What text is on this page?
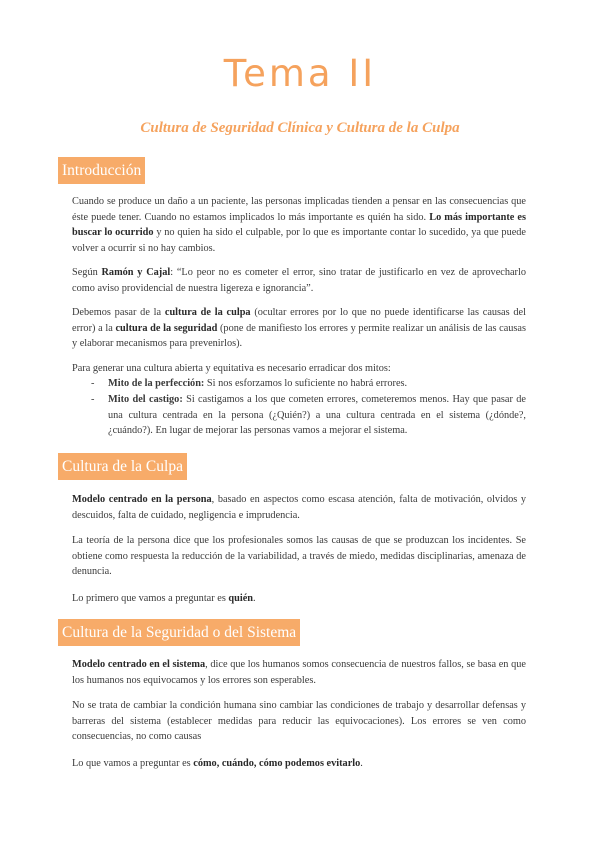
Tema II
Cultura de Seguridad Clínica y Cultura de la Culpa
Introducción

Cuando se produce un daño a un paciente, las personas implicadas tienden a pensar en las consecuencias que éste puede tener. Cuando no estamos implicados lo más importante es quién ha sido. Lo más importante es buscar lo ocurrido y no quien ha sido el culpable, por lo que es importante contar lo sucedido, ya que puede volver a ocurrir si no hay cambios.

Según Ramón y Cajal: “Lo peor no es cometer el error, sino tratar de justificarlo en vez de aprovecharlo como aviso providencial de nuestra ligereza e ignorancia”.

Debemos pasar de la cultura de la culpa (ocultar errores por lo que no puede identificarse las causas del error) a la cultura de la seguridad (pone de manifiesto los errores y permite realizar un análisis de las causas y elaborar mecanismos para prevenirlos).

Para generar una cultura abierta y equitativa es necesario erradicar dos mitos:

- Mito de la perfección: Si nos esforzamos lo suficiente no habrá errores.

- Mito del castigo: Si castigamos a los que cometen errores, cometeremos menos. Hay que pasar de una cultura centrada en la persona (¿Quién?) a una cultura centrada en el sistema (¿dónde?, ¿cuándo?). En lugar de mejorar las personas vamos a mejorar el sistema.

Cultura de la Culpa

Modelo centrado en la persona, basado en aspectos como escasa atención, falta de motivación, olvidos y descuidos, falta de cuidado, negligencia e imprudencia.

La teoría de la persona dice que los profesionales somos las causas de que se produzcan los incidentes. Se obtiene como respuesta la reducción de la variabilidad, a través de miedo, medidas disciplinarias, amenaza de denuncia.

Lo primero que vamos a preguntar es quién.

Cultura de la Seguridad o del Sistema

Modelo centrado en el sistema, dice que los humanos somos consecuencia de nuestros fallos, se basa en que los humanos nos equivocamos y los errores son esperables.

No se trata de cambiar la condición humana sino cambiar las condiciones de trabajo y desarrollar defensas y barreras del sistema (establecer medidas para reducir las equivocaciones). Los errores se ven como consecuencias, no como causas

Lo que vamos a preguntar es cómo, cuándo, cómo podemos evitarlo.
